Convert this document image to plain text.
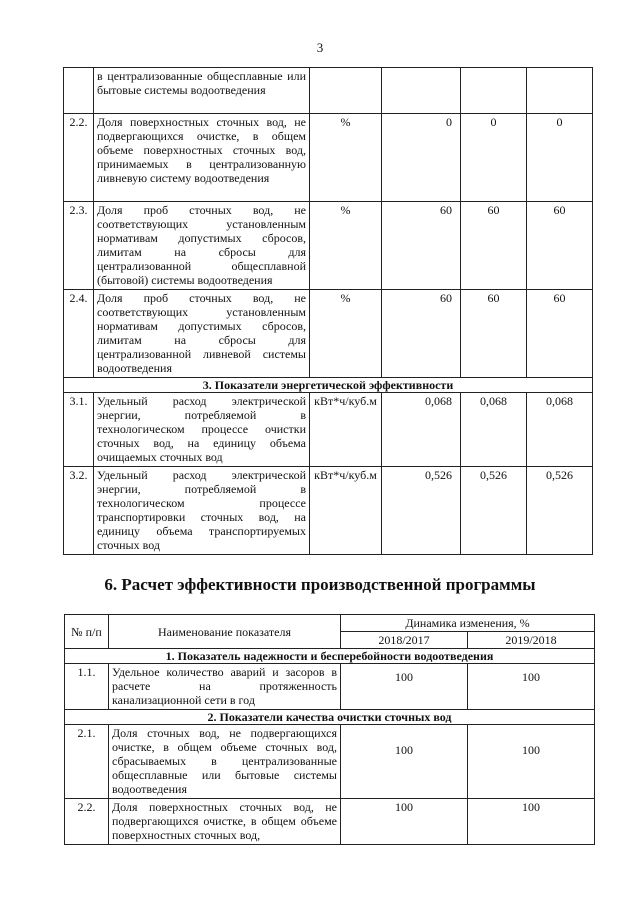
3
	в централизованные общесплавные или бытовые системы водоотведения				
2.2.	Доля поверхностных сточных вод, не подвергающихся очистке, в общем объеме поверхностных сточных вод, принимаемых в централизованную ливневую систему водоотведения	%	0	0	0
2.3.	Доля проб сточных вод, не соответствующих установленным нормативам допустимых сбросов, лимитам на сбросы для централизованной общесплавной (бытовой) системы водоотведения	%	60	60	60
2.4.	Доля проб сточных вод, не соответствующих установленным нормативам допустимых сбросов, лимитам на сбросы для централизованной ливневой системы водоотведения	%	60	60	60
3. Показатели энергетической эффективности					
3.1.	Удельный расход электрической энергии, потребляемой в технологическом процессе очистки сточных вод, на единицу объема очищаемых сточных вод	кВт*ч/куб.м	0,068	0,068	0,068
3.2.	Удельный расход электрической энергии, потребляемой в технологическом процессе транспортировки сточных вод, на единицу объема транспортируемых сточных вод	кВт*ч/куб.м	0,526	0,526	0,526
6. Расчет эффективности производственной программы
№ п/п	Наименование показателя	Динамика изменения, %	
		2018/2017	2019/2018
1. Показатель надежности и бесперебойности водоотведения			
1.1.	Удельное количество аварий и засоров в расчете на протяженность канализационной сети в год	100	100
2. Показатели качества очистки сточных вод			
2.1.	Доля сточных вод, не подвергающихся очистке, в общем объеме сточных вод, сбрасываемых в централизованные общесплавные или бытовые системы водоотведения	100	100
2.2.	Доля поверхностных сточных вод, не подвергающихся очистке, в общем объеме поверхностных сточных вод,	100	100
